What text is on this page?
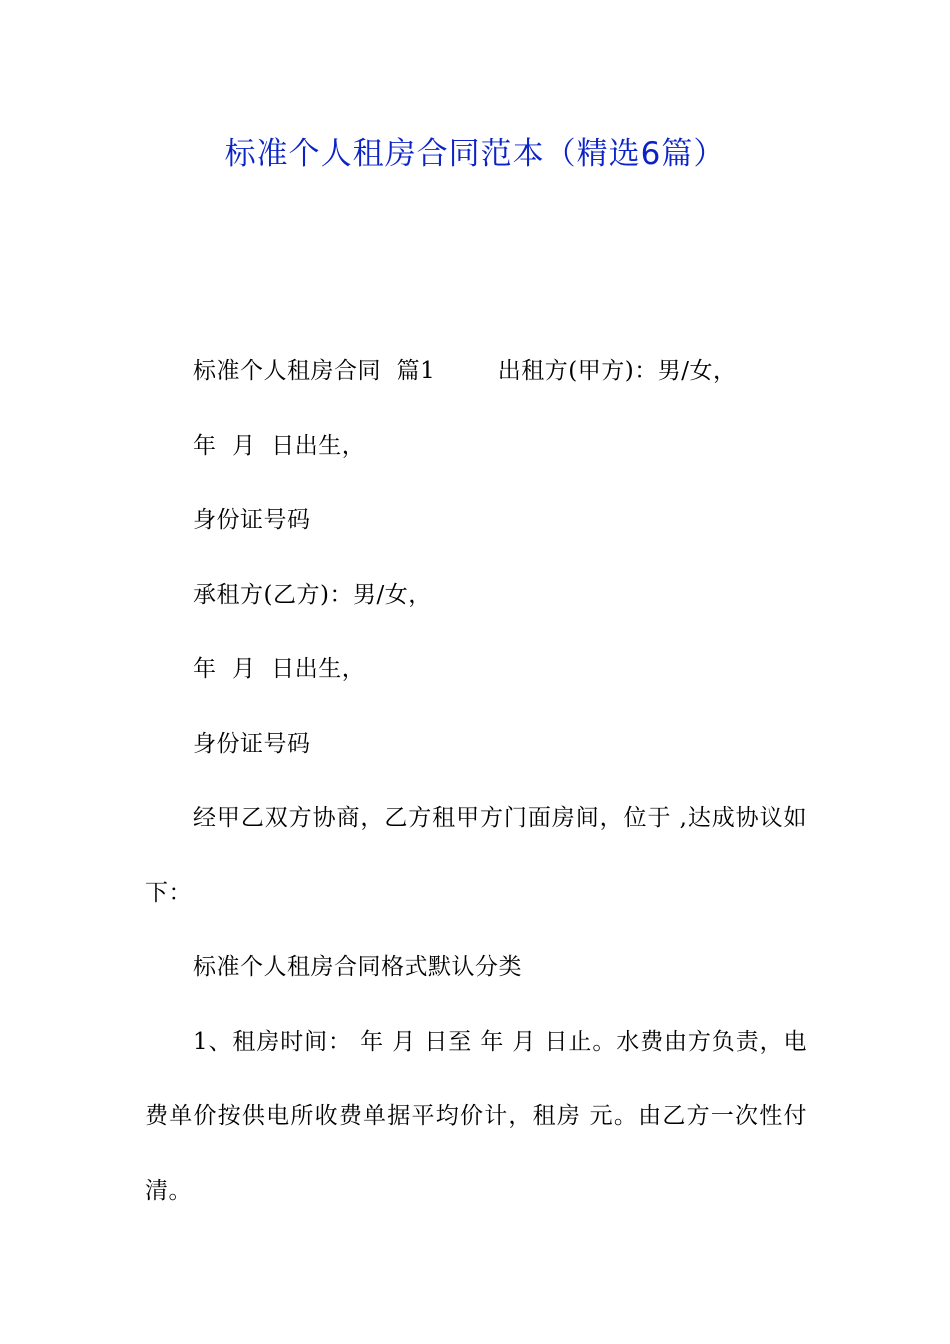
标准个人租房合同范本（精选6篇）

标准个人租房合同  篇1        出租方(甲方)：男/女，

年  月  日出生，

身份证号码

承租方(乙方)：男/女，

年  月  日出生，

身份证号码

经甲乙双方协商，乙方租甲方门面房间，位于 ,达成协议如下：

标准个人租房合同格式默认分类

1、租房时间： 年 月 日至 年 月 日止。水费由方负责，电费单价按供电所收费单据平均价计，租房 元。由乙方一次性付清。
